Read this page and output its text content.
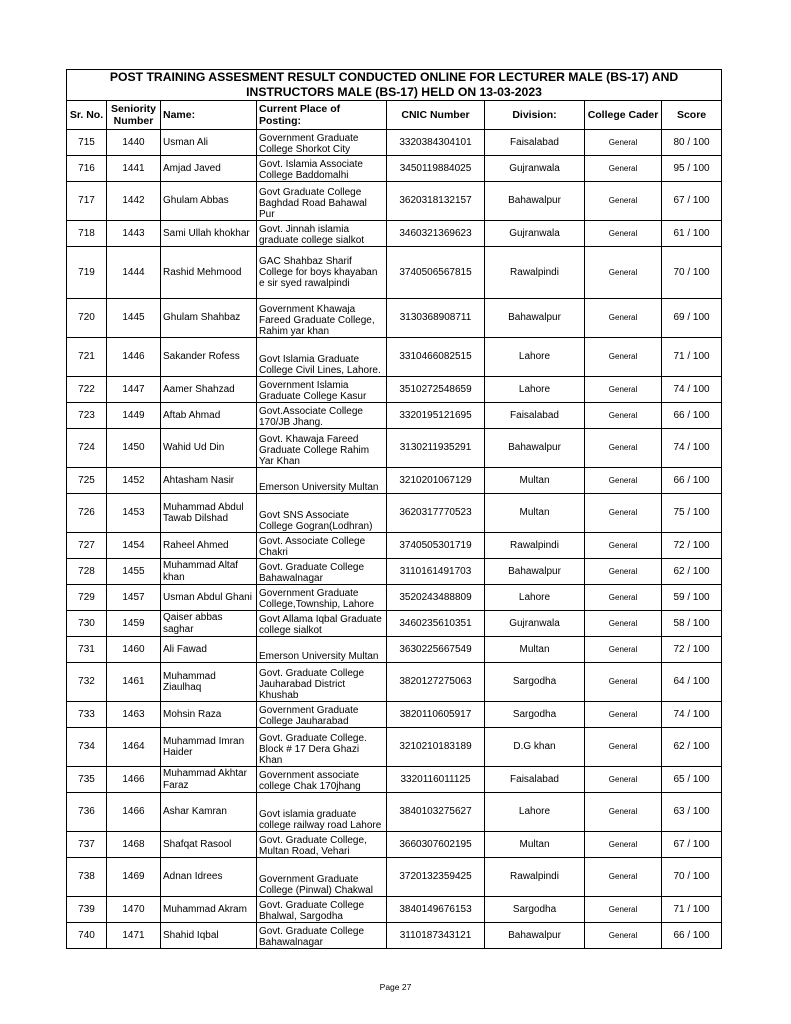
POST TRAINING ASSESMENT RESULT CONDUCTED ONLINE FOR LECTURER MALE (BS-17) AND
INSTRUCTORS MALE (BS-17) HELD ON 13-03-2023							

Sr. No.	Seniority Number	Name:	Current Place of Posting:	CNIC Number	Division:	College Cader	Score
715	1440	Usman Ali	Government Graduate College Shorkot City	3320384304101	Faisalabad	General	80 / 100
716	1441	Amjad Javed	Govt. Islamia Associate College Baddomalhi	3450119884025	Gujranwala	General	95 / 100
717	1442	Ghulam Abbas	Govt Graduate College Baghdad Road Bahawal Pur	3620318132157	Bahawalpur	General	67 / 100
718	1443	Sami Ullah khokhar	Govt. Jinnah islamia graduate college sialkot	3460321369623	Gujranwala	General	61 / 100
719	1444	Rashid Mehmood	GAC Shahbaz Sharif College for boys khayaban e sir syed rawalpindi	3740506567815	Rawalpindi	General	70 / 100
720	1445	Ghulam Shahbaz	Government Khawaja Fareed Graduate College, Rahim yar khan	3130368908711	Bahawalpur	General	69 / 100
721	1446	Sakander Rofess	Govt Islamia Graduate College Civil Lines, Lahore.	3310466082515	Lahore	General	71 / 100
722	1447	Aamer Shahzad	Government Islamia Graduate College Kasur	3510272548659	Lahore	General	74 / 100
723	1449	Aftab Ahmad	Govt.Associate College 170/JB Jhang.	3320195121695	Faisalabad	General	66 / 100
724	1450	Wahid Ud Din	Govt. Khawaja Fareed Graduate College Rahim Yar Khan	3130211935291	Bahawalpur	General	74 / 100
725	1452	Ahtasham Nasir	Emerson University Multan	3210201067129	Multan	General	66 / 100
726	1453	Muhammad Abdul Tawab Dilshad	Govt SNS Associate College Gogran(Lodhran)	3620317770523	Multan	General	75 / 100
727	1454	Raheel Ahmed	Govt. Associate College Chakri	3740505301719	Rawalpindi	General	72 / 100
728	1455	Muhammad Altaf khan	Govt. Graduate College Bahawalnagar	3110161491703	Bahawalpur	General	62 / 100
729	1457	Usman Abdul Ghani	Government Graduate College,Township, Lahore	3520243488809	Lahore	General	59 / 100
730	1459	Qaiser abbas saghar	Govt Allama Iqbal Graduate college sialkot	3460235610351	Gujranwala	General	58 / 100
731	1460	Ali Fawad	Emerson University Multan	3630225667549	Multan	General	72 / 100
732	1461	Muhammad Ziaulhaq	Govt. Graduate College Jauharabad District Khushab	3820127275063	Sargodha	General	64 / 100
733	1463	Mohsin Raza	Government Graduate College Jauharabad	3820110605917	Sargodha	General	74 / 100
734	1464	Muhammad Imran Haider	Govt. Graduate College. Block # 17 Dera Ghazi Khan	3210210183189	D.G khan	General	62 / 100
735	1466	Muhammad Akhtar Faraz	Government associate college Chak 170jhang	3320116011125	Faisalabad	General	65 / 100
736	1466	Ashar Kamran	Govt islamia graduate college railway road Lahore	3840103275627	Lahore	General	63 / 100
737	1468	Shafqat Rasool	Govt. Graduate College, Multan Road, Vehari	3660307602195	Multan	General	67 / 100
738	1469	Adnan Idrees	Government Graduate College (Pinwal) Chakwal	3720132359425	Rawalpindi	General	70 / 100
739	1470	Muhammad Akram	Govt. Graduate College Bhalwal, Sargodha	3840149676153	Sargodha	General	71 / 100
740	1471	Shahid Iqbal	Govt. Graduate College Bahawalnagar	3110187343121	Bahawalpur	General	66 / 100
Page 27
